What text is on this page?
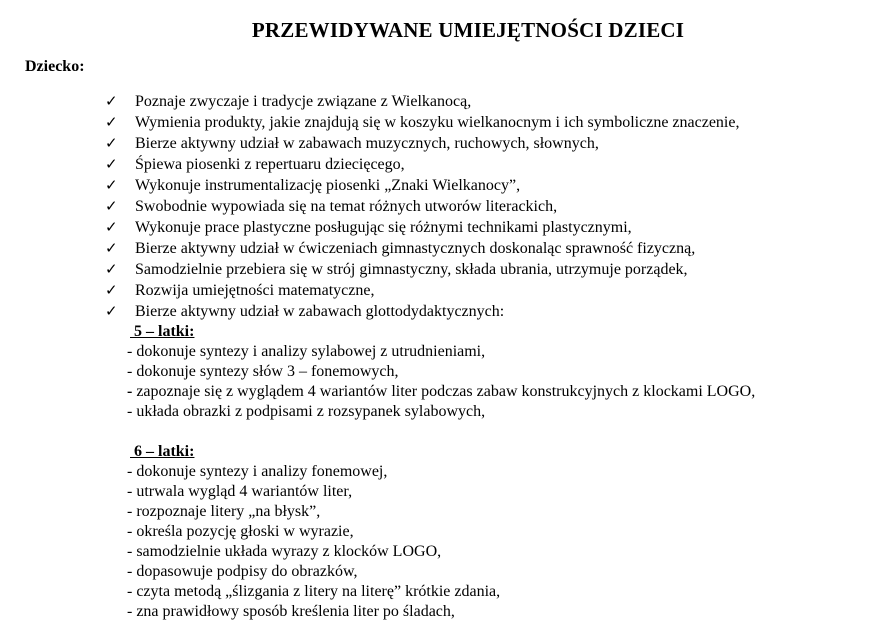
PRZEWIDYWANE UMIEJĘTNOŚCI DZIECI
Dziecko:
✓	Poznaje zwyczaje i tradycje związane z Wielkanocą,
✓	Wymienia produkty, jakie znajdują się w koszyku wielkanocnym i ich symboliczne znaczenie,
✓	Bierze aktywny udział w zabawach muzycznych, ruchowych, słownych,
✓	Śpiewa piosenki z repertuaru dziecięcego,
✓	Wykonuje instrumentalizację piosenki „Znaki Wielkanocy”,
✓	Swobodnie wypowiada się na temat różnych utworów literackich,
✓	Wykonuje prace plastyczne posługując się różnymi technikami plastycznymi,
✓	Bierze aktywny udział w ćwiczeniach gimnastycznych doskonaląc sprawność fizyczną,
✓	Samodzielnie przebiera się w strój gimnastyczny, składa ubrania, utrzymuje porządek,
✓	Rozwija umiejętności matematyczne,
✓	Bierze aktywny udział w zabawach glottodydaktycznych:
5 – latki:
- dokonuje syntezy i analizy sylabowej z utrudnieniami,
- dokonuje syntezy słów 3 – fonemowych,
- zapoznaje się z wyglądem 4 wariantów liter podczas zabaw konstrukcyjnych z klockami LOGO,
- układa obrazki z podpisami z rozsypanek sylabowych,
6 – latki:
- dokonuje syntezy i analizy fonemowej,
- utrwala wygląd 4 wariantów liter,
- rozpoznaje litery „na błysk”,
- określa pozycję głoski w wyrazie,
- samodzielnie układa wyrazy z klocków LOGO,
- dopasowuje podpisy do obrazków,
- czyta metodą „ślizgania z litery na literę” krótkie zdania,
- zna prawidłowy sposób kreślenia liter po śladach,
